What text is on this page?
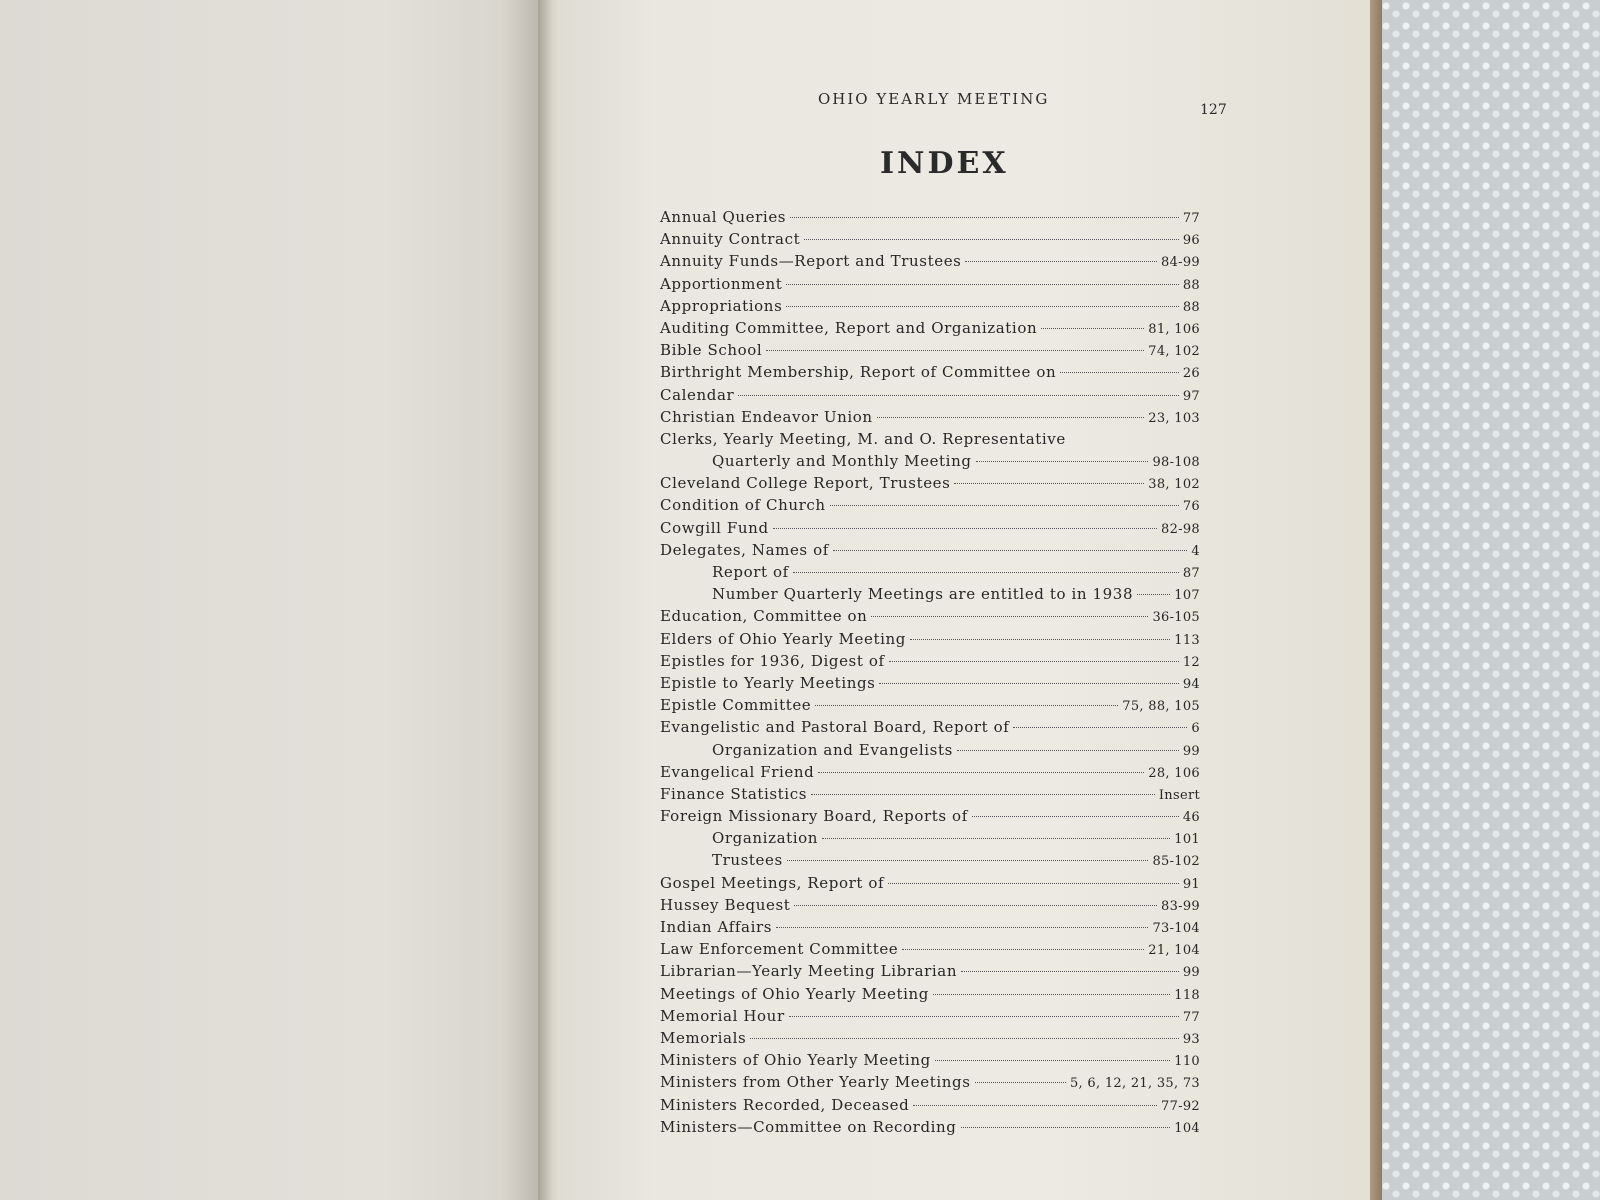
OHIO YEARLY MEETING
127
INDEX
Annual Queries	77
Annuity Contract	96
Annuity Funds—Report and Trustees	84-99
Apportionment	88
Appropriations	88
Auditing Committee, Report and Organization	81, 106
Bible School	74, 102
Birthright Membership, Report of Committee on	26
Calendar	97
Christian Endeavor Union	23, 103
Clerks, Yearly Meeting, M. and O. Representative
Quarterly and Monthly Meeting	98-108
Cleveland College Report, Trustees	38, 102
Condition of Church	76
Cowgill Fund	82-98
Delegates, Names of	4
Report of	87
Number Quarterly Meetings are entitled to in 1938	107
Education, Committee on	36-105
Elders of Ohio Yearly Meeting	113
Epistles for 1936, Digest of	12
Epistle to Yearly Meetings	94
Epistle Committee	75, 88, 105
Evangelistic and Pastoral Board, Report of	6
Organization and Evangelists	99
Evangelical Friend	28, 106
Finance Statistics	Insert
Foreign Missionary Board, Reports of	46
Organization	101
Trustees	85-102
Gospel Meetings, Report of	91
Hussey Bequest	83-99
Indian Affairs	73-104
Law Enforcement Committee	21, 104
Librarian—Yearly Meeting Librarian	99
Meetings of Ohio Yearly Meeting	118
Memorial Hour	77
Memorials	93
Ministers of Ohio Yearly Meeting	110
Ministers from Other Yearly Meetings	5, 6, 12, 21, 35, 73
Ministers Recorded, Deceased	77-92
Ministers—Committee on Recording	104
